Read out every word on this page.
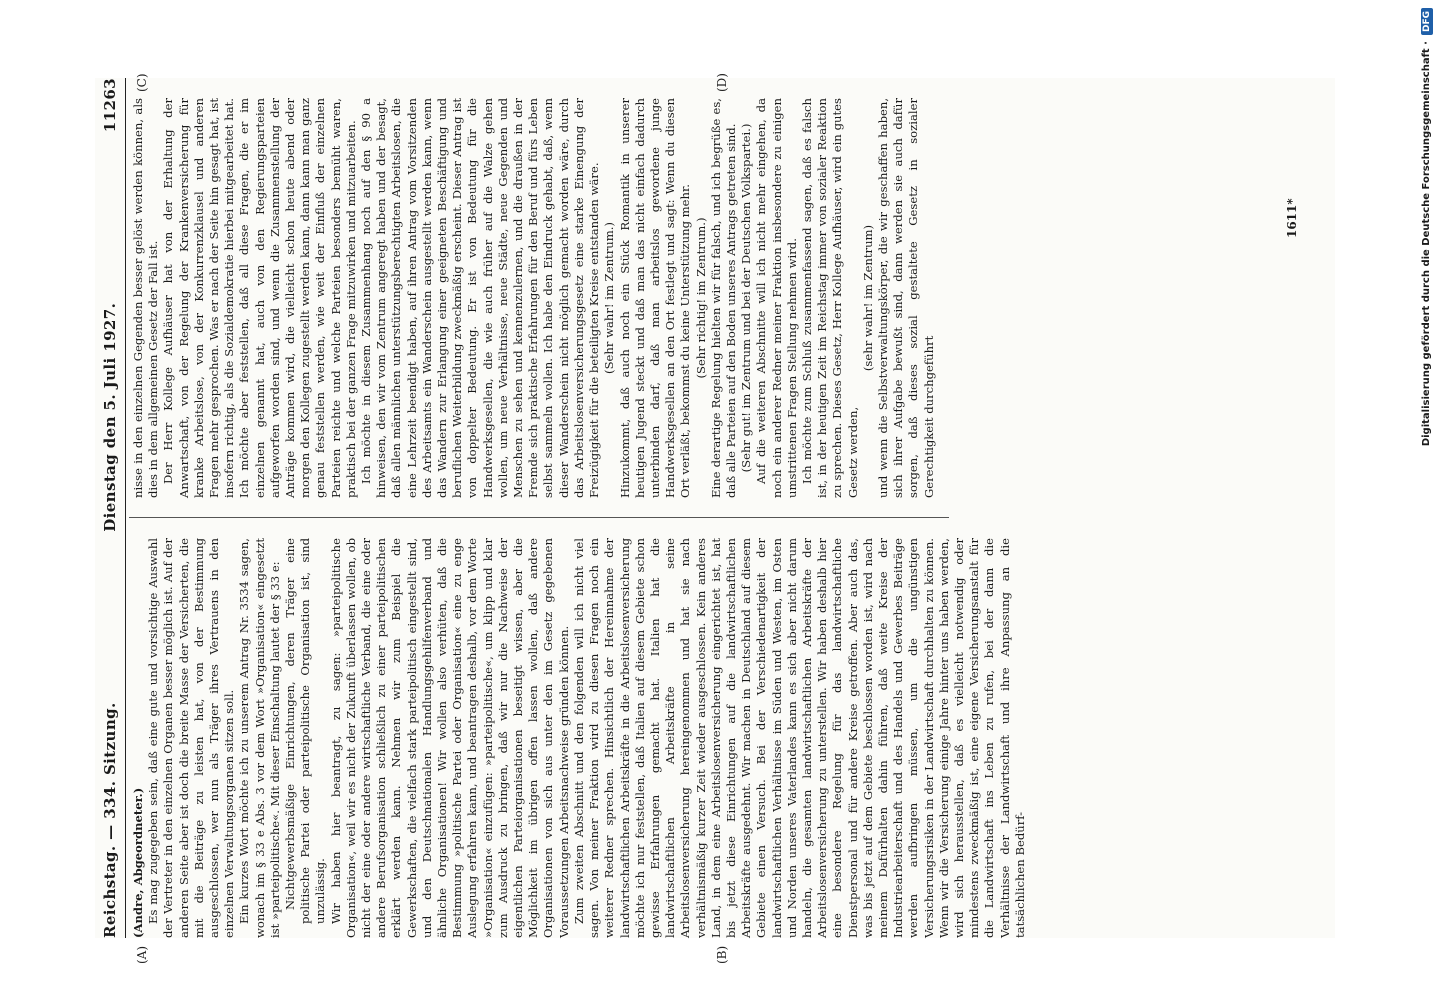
Reichstag. — 334. Sitzung.
Dienstag den 5. Juli 1927.
11263
(A)	(B)
(C)	(D)

(Andre, Abgeordneter.) Es mag zugegeben sein, daß eine gute und vorsichtige Auswahl der Vertreter in den einzelnen Organen besser möglich ist. Auf der anderen Seite aber ist doch die breite Masse der Versicherten, die mit die Beiträge zu leisten hat, von der Bestimmung ausgeschlossen, wer nun als Träger ihres Vertrauens in den einzelnen Verwaltungsorganen sitzen soll. Ein kurzes Wort möchte ich zu unserem Antrag Nr. 3534 sagen, wonach im § 33 e Abs. 3 vor dem Wort »Organisation« eingesetzt ist »parteipolitische«. Mit dieser Einschaltung lautet der § 33 e: Nichtgewerbsmäßige Einrichtungen, deren Träger eine politische Partei oder parteipolitische Organisation ist, sind unzulässig. Wir haben hier beantragt, zu sagen: »parteipolitische Organisation«, weil wir es nicht der Zukunft überlassen wollen, ob nicht der eine oder andere wirtschaftliche Verband, die eine oder andere Berufsorganisation schließlich zu einer parteipolitischen erklärt werden kann. Nehmen wir zum Beispiel die Gewerkschaften, die vielfach stark parteipolitisch eingestellt sind, und den Deutschnationalen Handlungsgehilfenverband und ähnliche Organisationen! Wir wollen also verhüten, daß die Bestimmung »politische Partei oder Organisation« eine zu enge Auslegung erfahren kann, und beantragen deshalb, vor dem Worte »Organisation« einzufügen: »parteipolitische«, um klipp und klar zum Ausdruck zu bringen, daß wir nur die Nachweise der eigentlichen Parteiorganisationen beseitigt wissen, aber die Möglichkeit im übrigen offen lassen wollen, daß andere Organisationen von sich aus unter den im Gesetz gegebenen Voraussetzungen Arbeitsnachweise gründen können. Zum zweiten Abschnitt und den folgenden will ich nicht viel sagen. Von meiner Fraktion wird zu diesen Fragen noch ein weiterer Redner sprechen. Hinsichtlich der Hereinnahme der landwirtschaftlichen Arbeitskräfte in die Arbeitslosenversicherung möchte ich nur feststellen, daß Italien auf diesem Gebiete schon gewisse Erfahrungen gemacht hat. Italien hat die landwirtschaftlichen Arbeitskräfte in seine Arbeitslosenversicherung hereingenommen und hat sie nach verhältnismäßig kurzer Zeit wieder ausgeschlossen. Kein anderes Land, in dem eine Arbeitslosenversicherung eingerichtet ist, hat bis jetzt diese Einrichtungen auf die landwirtschaftlichen Arbeitskräfte ausgedehnt. Wir machen in Deutschland auf diesem Gebiete einen Versuch. Bei der Verschiedenartigkeit der landwirtschaftlichen Verhältnisse im Süden und Westen, im Osten und Norden unseres Vaterlandes kann es sich aber nicht darum handeln, die gesamten landwirtschaftlichen Arbeitskräfte der Arbeitslosenversicherung zu unterstellen. Wir haben deshalb hier eine besondere Regelung für das landwirtschaftliche Dienstpersonal und für andere Kreise getroffen. Aber auch das, was bis jetzt auf dem Gebiete beschlossen worden ist, wird nach meinem Dafürhalten dahin führen, daß weite Kreise der Industriearbeiterschaft und des Handels und Gewerbes Beiträge werden aufbringen müssen, um die ungünstigen Versicherungsrisiken in der Landwirtschaft durchhalten zu können. Wenn wir die Versicherung einige Jahre hinter uns haben werden, wird sich herausstellen, daß es vielleicht notwendig oder mindestens zweckmäßig ist, eine eigene Versicherungsanstalt für die Landwirtschaft ins Leben zu rufen, bei der dann die Verhältnisse der Landwirtschaft und ihre Anpassung an die tatsächlichen Bedürf-

nisse in den einzelnen Gegenden besser gelöst werden können, als dies in dem allgemeinen Gesetz der Fall ist. Der Herr Kollege Aufhäuser hat von der Erhaltung der Anwartschaft, von der Regelung der Krankenversicherung für kranke Arbeitslose, von der Konkurrenzklausel und anderen Fragen mehr gesprochen. Was er nach der Seite hin gesagt hat, ist insofern richtig, als die Sozialdemokratie hierbei mitgearbeitet hat. Ich möchte aber feststellen, daß all diese Fragen, die er im einzelnen genannt hat, auch von den Regierungsparteien aufgeworfen worden sind, und wenn die Zusammenstellung der Anträge kommen wird, die vielleicht schon heute abend oder morgen den Kollegen zugestellt werden kann, dann kann man ganz genau feststellen werden, wie weit der Einfluß der einzelnen Parteien reichte und welche Parteien besonders bemüht waren, praktisch bei der ganzen Frage mitzuwirken und mitzuarbeiten. Ich möchte in diesem Zusammenhang noch auf den § 90 a hinweisen, den wir vom Zentrum angeregt haben und der besagt, daß allen männlichen unterstützungsberechtigten Arbeitslosen, die eine Lehrzeit beendigt haben, auf ihren Antrag vom Vorsitzenden des Arbeitsamts ein Wanderschein ausgestellt werden kann, wenn das Wandern zur Erlangung einer geeigneten Beschäftigung und beruflichen Weiterbildung zweckmäßig erscheint. Dieser Antrag ist von doppelter Bedeutung. Er ist von Bedeutung für die Handwerksgesellen, die wie auch früher auf die Walze gehen wollen, um neue Verhältnisse, neue Städte, neue Gegenden und Menschen zu sehen und kennenzulernen, und die draußen in der Fremde sich praktische Erfahrungen für den Beruf und fürs Leben selbst sammeln wollen. Ich habe den Eindruck gehabt, daß, wenn dieser Wanderschein nicht möglich gemacht worden wäre, durch das Arbeitslosenversicherungsgesetz eine starke Einengung der Freizügigkeit für die beteiligten Kreise entstanden wäre. (Sehr wahr! im Zentrum.) Hinzukommt, daß auch noch ein Stück Romantik in unserer heutigen Jugend steckt und daß man das nicht einfach dadurch unterbinden darf, daß man arbeitslos gewordene junge Handwerksgesellen an den Ort festlegt und sagt: Wenn du diesen Ort verläßt, bekommst du keine Unterstützung mehr. (Sehr richtig! im Zentrum.) Eine derartige Regelung hielten wir für falsch, und ich begrüße es, daß alle Parteien auf den Boden unseres Antrags getreten sind. (Sehr gut! im Zentrum und bei der Deutschen Volkspartei.) Auf die weiteren Abschnitte will ich nicht mehr eingehen, da noch ein anderer Redner meiner Fraktion insbesondere zu einigen umstrittenen Fragen Stellung nehmen wird. Ich möchte zum Schluß zusammenfassend sagen, daß es falsch ist, in der heutigen Zeit im Reichstag immer von sozialer Reaktion zu sprechen. Dieses Gesetz, Herr Kollege Aufhäuser, wird ein gutes Gesetz werden,

(sehr wahr! im Zentrum) und wenn die Selbstverwaltungskörper, die wir geschaffen haben, sich ihrer Aufgabe bewußt sind, dann werden sie auch dafür sorgen, daß dieses sozial gestaltete Gesetz in sozialer Gerechtigkeit durchgeführt

1611*	Digitalisierung gefördert durch die Deutsche Forschungsgemeinschaft ·DFG
